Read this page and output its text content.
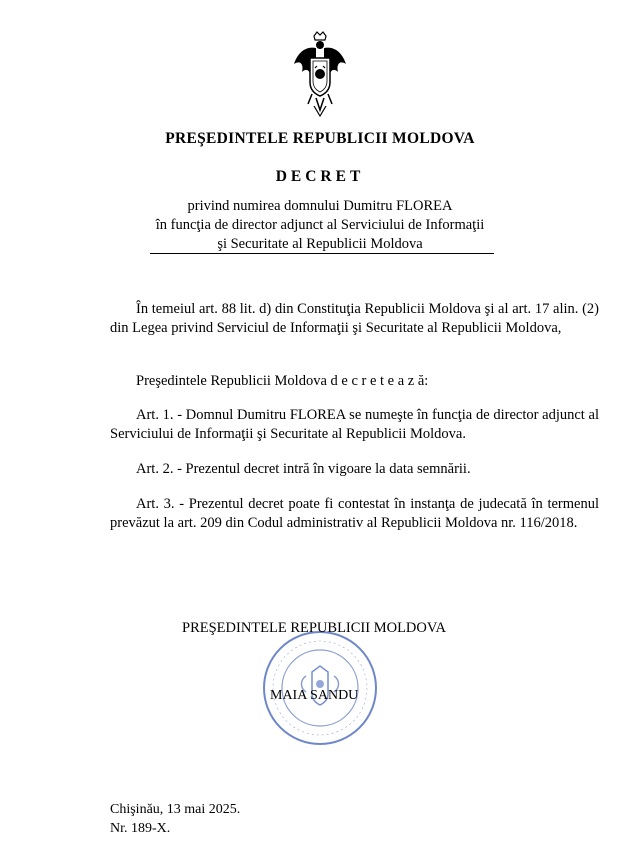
PREŞEDINTELE REPUBLICII MOLDOVA
DECRET
privind numirea domnului Dumitru FLOREA
în funcţia de director adjunct al Serviciului de Informaţii
şi Securitate al Republicii Moldova
În temeiul art. 88 lit. d) din Constituţia Republicii Moldova şi al art. 17 alin. (2) din Legea privind Serviciul de Informaţii şi Securitate al Republicii Moldova,
Preşedintele Republicii Moldova d e c r e t e a z ă:
Art. 1. - Domnul Dumitru FLOREA se numeşte în funcţia de director adjunct al Serviciului de Informaţii şi Securitate al Republicii Moldova.
Art. 2. - Prezentul decret intră în vigoare la data semnării.
Art. 3. - Prezentul decret poate fi contestat în instanţa de judecată în termenul prevăzut la art. 209 din Codul administrativ al Republicii Moldova nr. 116/2018.
PREŞEDINTELE REPUBLICII MOLDOVA
MAIA SANDU
Chişinău, 13 mai 2025.
Nr. 189-X.
